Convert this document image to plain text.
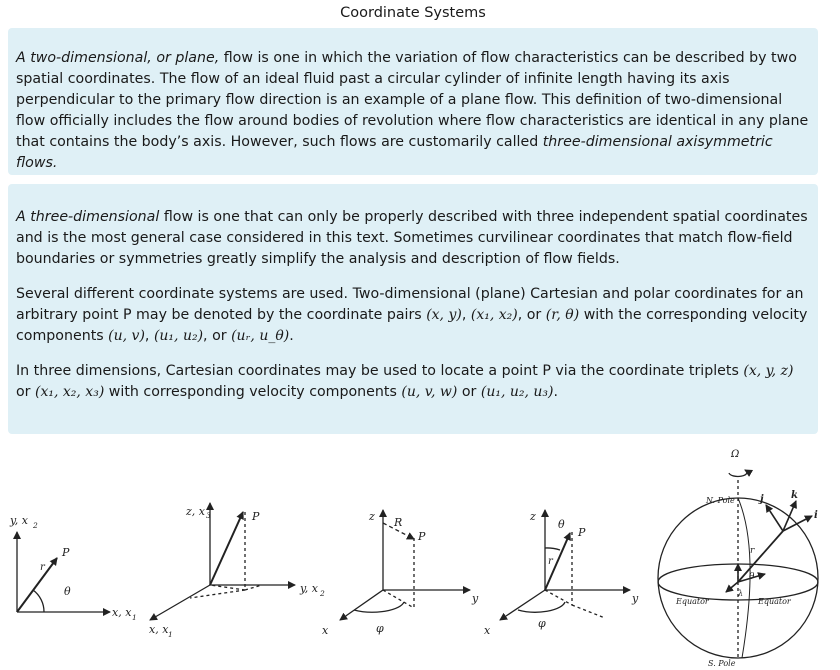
Coordinate Systems

A two-dimensional, or plane, flow is one in which the variation of flow characteristics can be described by two spatial coordinates. The flow of an ideal fluid past a circular cylinder of infinite length having its axis perpendicular to the primary flow direction is an example of a plane flow. This definition of two-dimensional flow officially includes the flow around bodies of revolution where flow characteristics are identical in any plane that contains the body’s axis. However, such flows are customarily called three-dimensional axisymmetric flows.

A three-dimensional flow is one that can only be properly described with three independent spatial coordinates and is the most general case considered in this text. Sometimes curvilinear coordinates that match flow-field boundaries or symmetries greatly simplify the analysis and description of flow fields.

Several different coordinate systems are used. Two-dimensional (plane) Cartesian and polar coordinates for an arbitrary point P may be denoted by the coordinate pairs (x, y), (x₁, x₂), or (r, θ) with the corresponding velocity components (u, v), (u₁, u₂), or (uᵣ, u_θ).

In three dimensions, Cartesian coordinates may be used to locate a point P via the coordinate triplets (x, y, z) or (x₁, x₂, x₃) with corresponding velocity components (u, v, w) or (u₁, u₂, u₃).

y, x 2
x, x 1
P
r
θ
z, x 3	P
y, x 2
x, x 1
z R
P
y
x	φ
z
θ
P
r
y
x
φ
Ω
N. Pole
S. Pole
Equator	Equator
j	k
i
r
θ
λ
